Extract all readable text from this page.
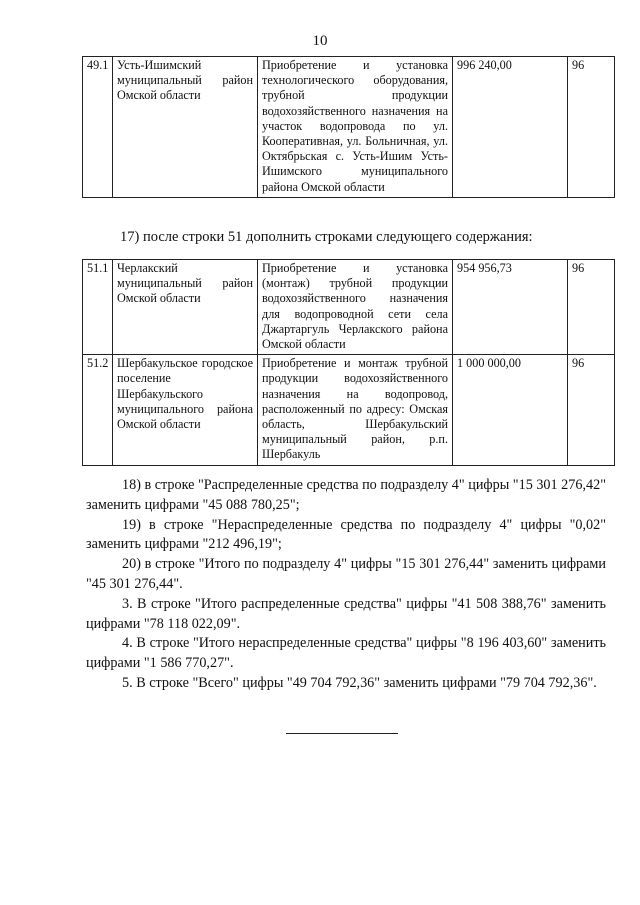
10
49.1	Усть-Ишимский муниципальный район Омской области	Приобретение и установка технологического оборудования, трубной продукции водохозяйственного назначения на участок водопровода по ул. Кооперативная, ул. Больничная, ул. Октябрьская с. Усть-Ишим Усть-Ишимского муниципального района Омской области	996 240,00	96
17) после строки 51 дополнить строками следующего содержания:
51.1	Черлакский муниципальный район Омской области	Приобретение и установка (монтаж) трубной продукции водохозяйственного назначения для водопроводной сети села Джартаргуль Черлакского района Омской области	954 956,73	96
51.2	Шербакульское городское поселение Шербакульского муниципального района Омской области	Приобретение и монтаж трубной продукции водохозяйственного назначения на водопровод, расположенный по адресу: Омская область, Шербакульский муниципальный район, р.п. Шербакуль	1 000 000,00	96

18) в строке "Распределенные средства по подразделу 4" цифры "15 301 276,42" заменить цифрами "45 088 780,25";

19) в строке "Нераспределенные средства по подразделу 4" цифры "0,02" заменить цифрами "212 496,19";

20) в строке "Итого по подразделу 4" цифры "15 301 276,44" заменить цифрами "45 301 276,44".

3. В строке "Итого распределенные средства" цифры "41 508 388,76" заменить цифрами "78 118 022,09".

4. В строке "Итого нераспределенные средства" цифры "8 196 403,60" заменить цифрами "1 586 770,27".

5. В строке "Всего" цифры "49 704 792,36" заменить цифрами "79 704 792,36".
